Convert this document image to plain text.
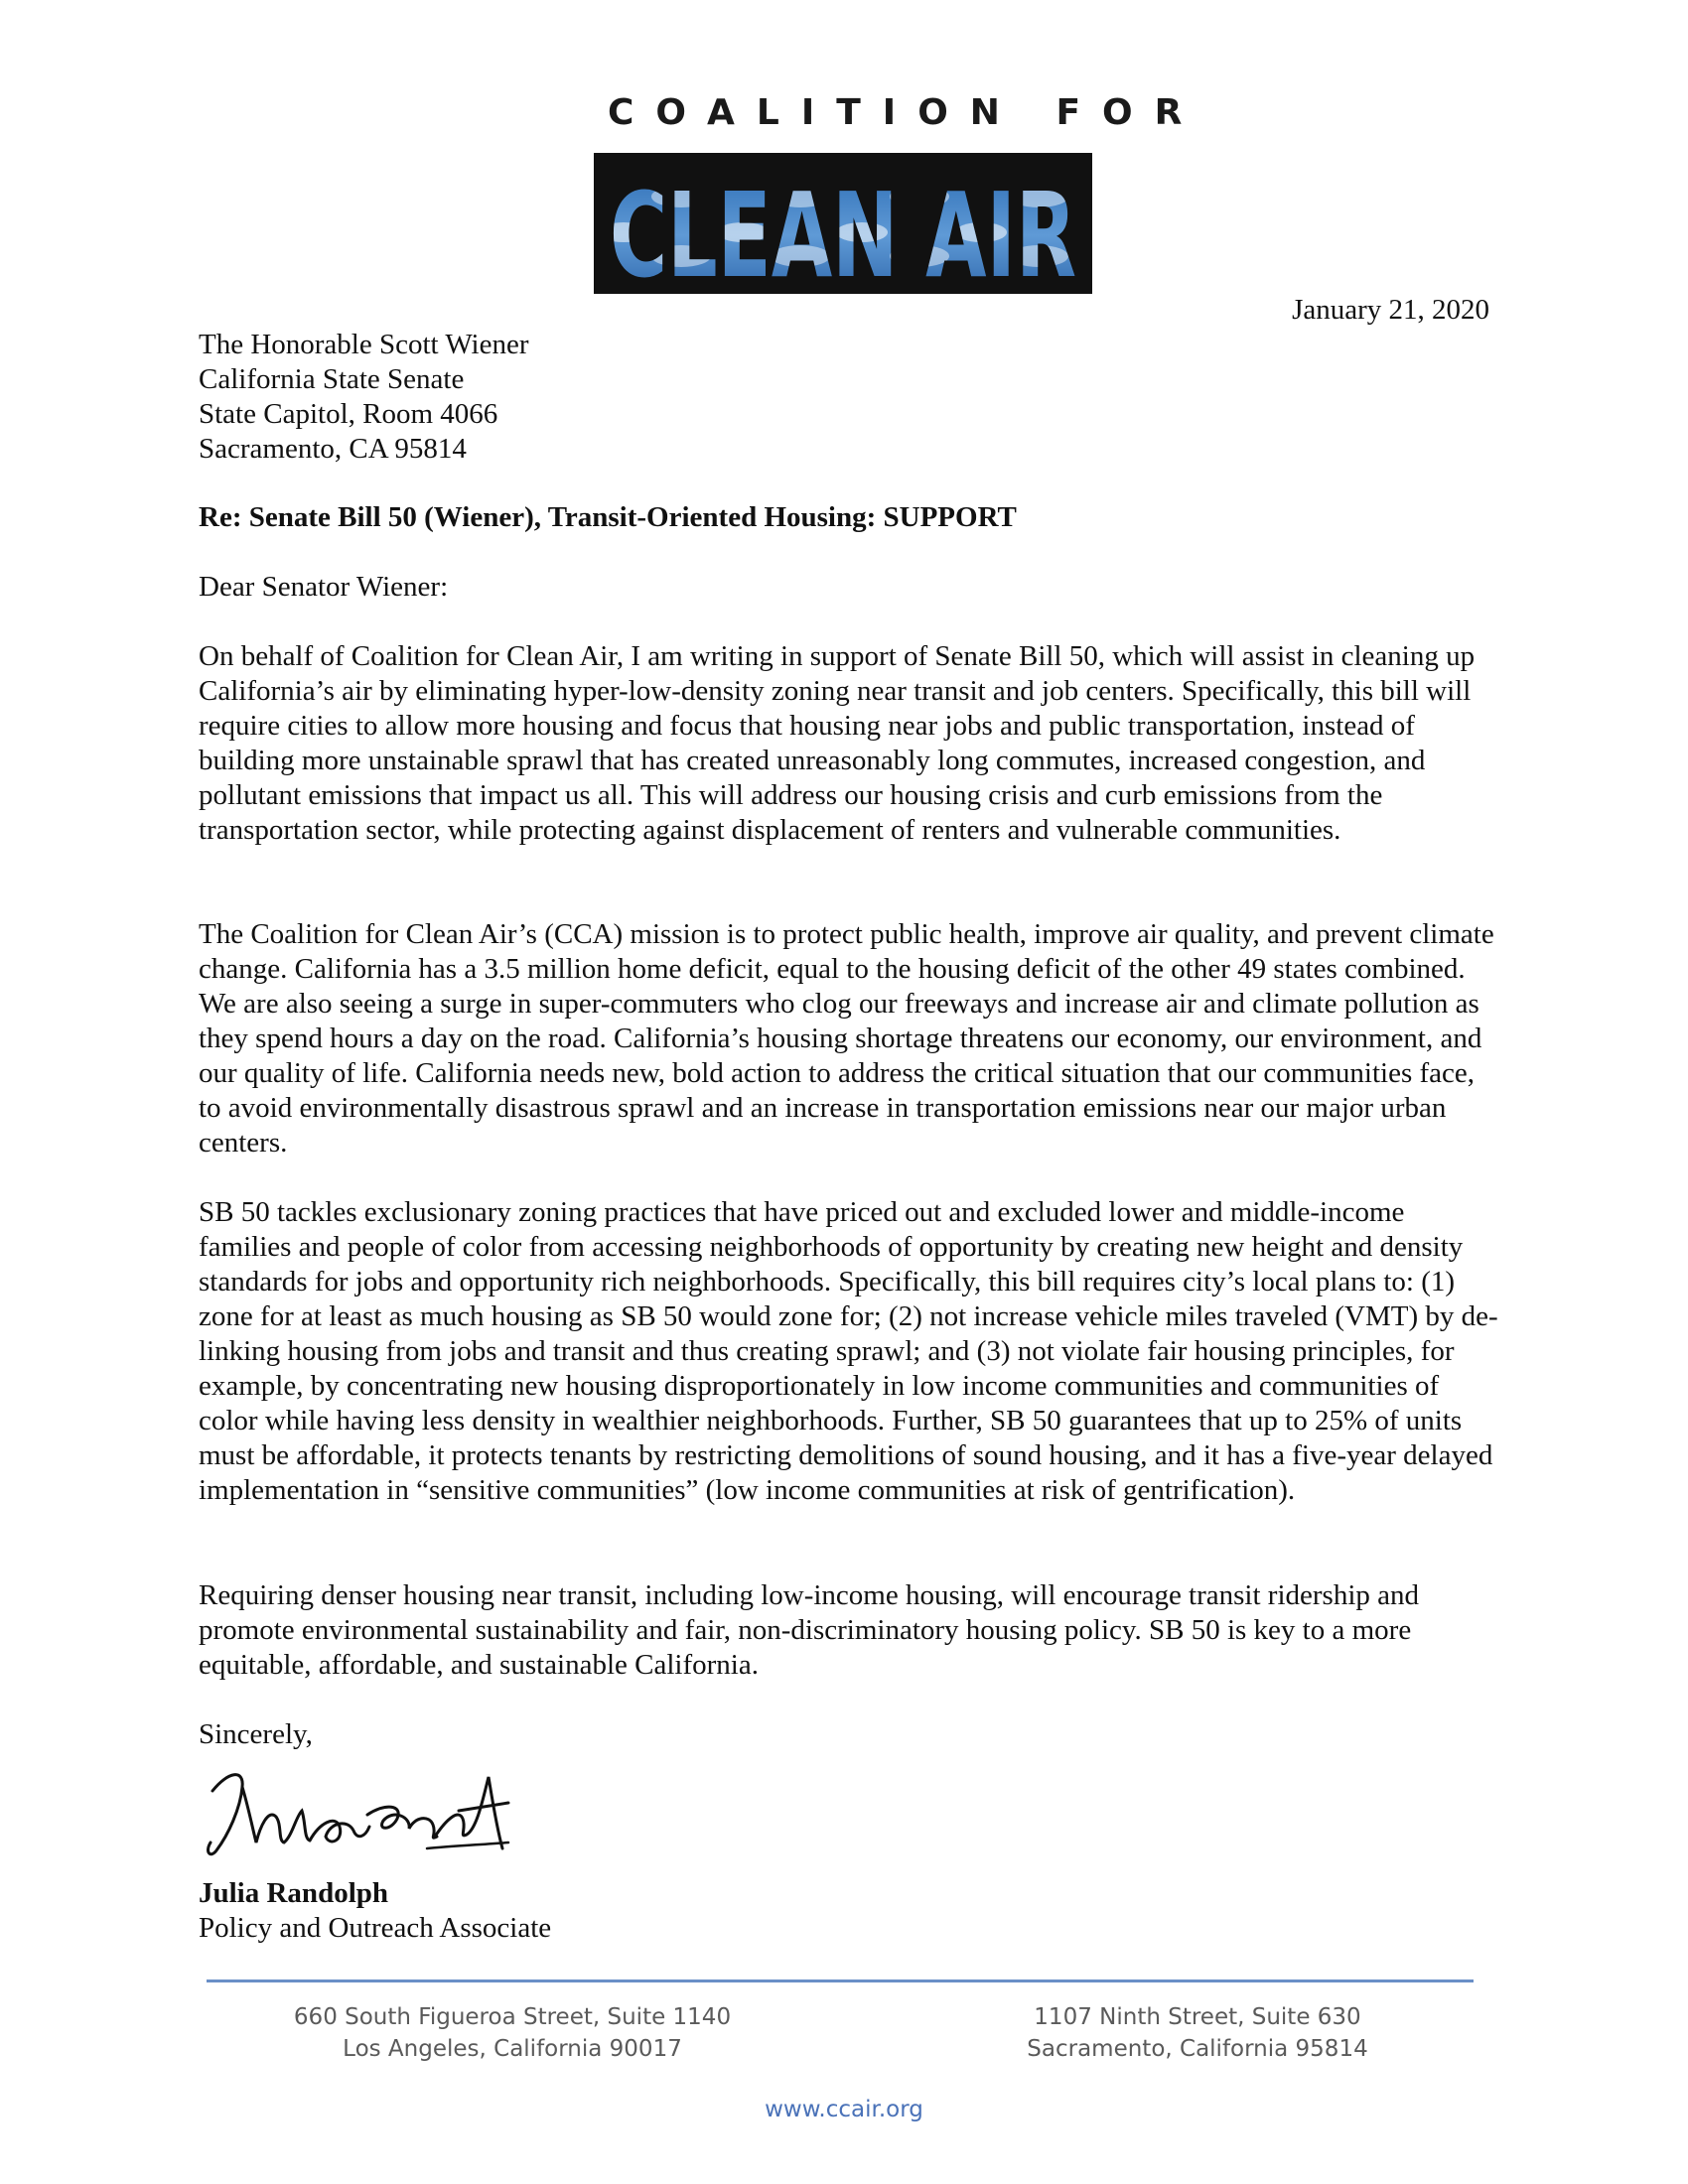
COALITION FOR
CLEAN AIR
CLEAN AIR
January 21, 2020
The Honorable Scott Wiener
California State Senate
State Capitol, Room 4066
Sacramento, CA 95814
Re: Senate Bill 50 (Wiener), Transit-Oriented Housing: SUPPORT
Dear Senator Wiener:

On behalf of Coalition for Clean Air, I am writing in support of Senate Bill 50, which will assist in cleaning up California’s air by eliminating hyper-low-density zoning near transit and job centers. Specifically, this bill will require cities to allow more housing and focus that housing near jobs and public transportation, instead of building more unstainable sprawl that has created unreasonably long commutes, increased congestion, and pollutant emissions that impact us all. This will address our housing crisis and curb emissions from the transportation sector, while protecting against displacement of renters and vulnerable communities.

The Coalition for Clean Air’s (CCA) mission is to protect public health, improve air quality, and prevent climate change. California has a 3.5 million home deficit, equal to the housing deficit of the other 49 states combined. We are also seeing a surge in super-commuters who clog our freeways and increase air and climate pollution as they spend hours a day on the road. California’s housing shortage threatens our economy, our environment, and our quality of life. California needs new, bold action to address the critical situation that our communities face, to avoid environmentally disastrous sprawl and an increase in transportation emissions near our major urban centers.

SB 50 tackles exclusionary zoning practices that have priced out and excluded lower and middle-income families and people of color from accessing neighborhoods of opportunity by creating new height and density standards for jobs and opportunity rich neighborhoods. Specifically, this bill requires city’s local plans to: (1) zone for at least as much housing as SB 50 would zone for; (2) not increase vehicle miles traveled (VMT) by de-linking housing from jobs and transit and thus creating sprawl; and (3) not violate fair housing principles, for example, by concentrating new housing disproportionately in low income communities and communities of color while having less density in wealthier neighborhoods. Further, SB 50 guarantees that up to 25% of units must be affordable, it protects tenants by restricting demolitions of sound housing, and it has a five-year delayed implementation in “sensitive communities” (low income communities at risk of gentrification).

Requiring denser housing near transit, including low-income housing, will encourage transit ridership and promote environmental sustainability and fair, non-discriminatory housing policy. SB 50 is key to a more equitable, affordable, and sustainable California.

Sincerely,
Julia Randolph
Policy and Outreach Associate
660 South Figueroa Street, Suite 1140
Los Angeles, California 90017
1107 Ninth Street, Suite 630
Sacramento, California 95814
www.ccair.org
